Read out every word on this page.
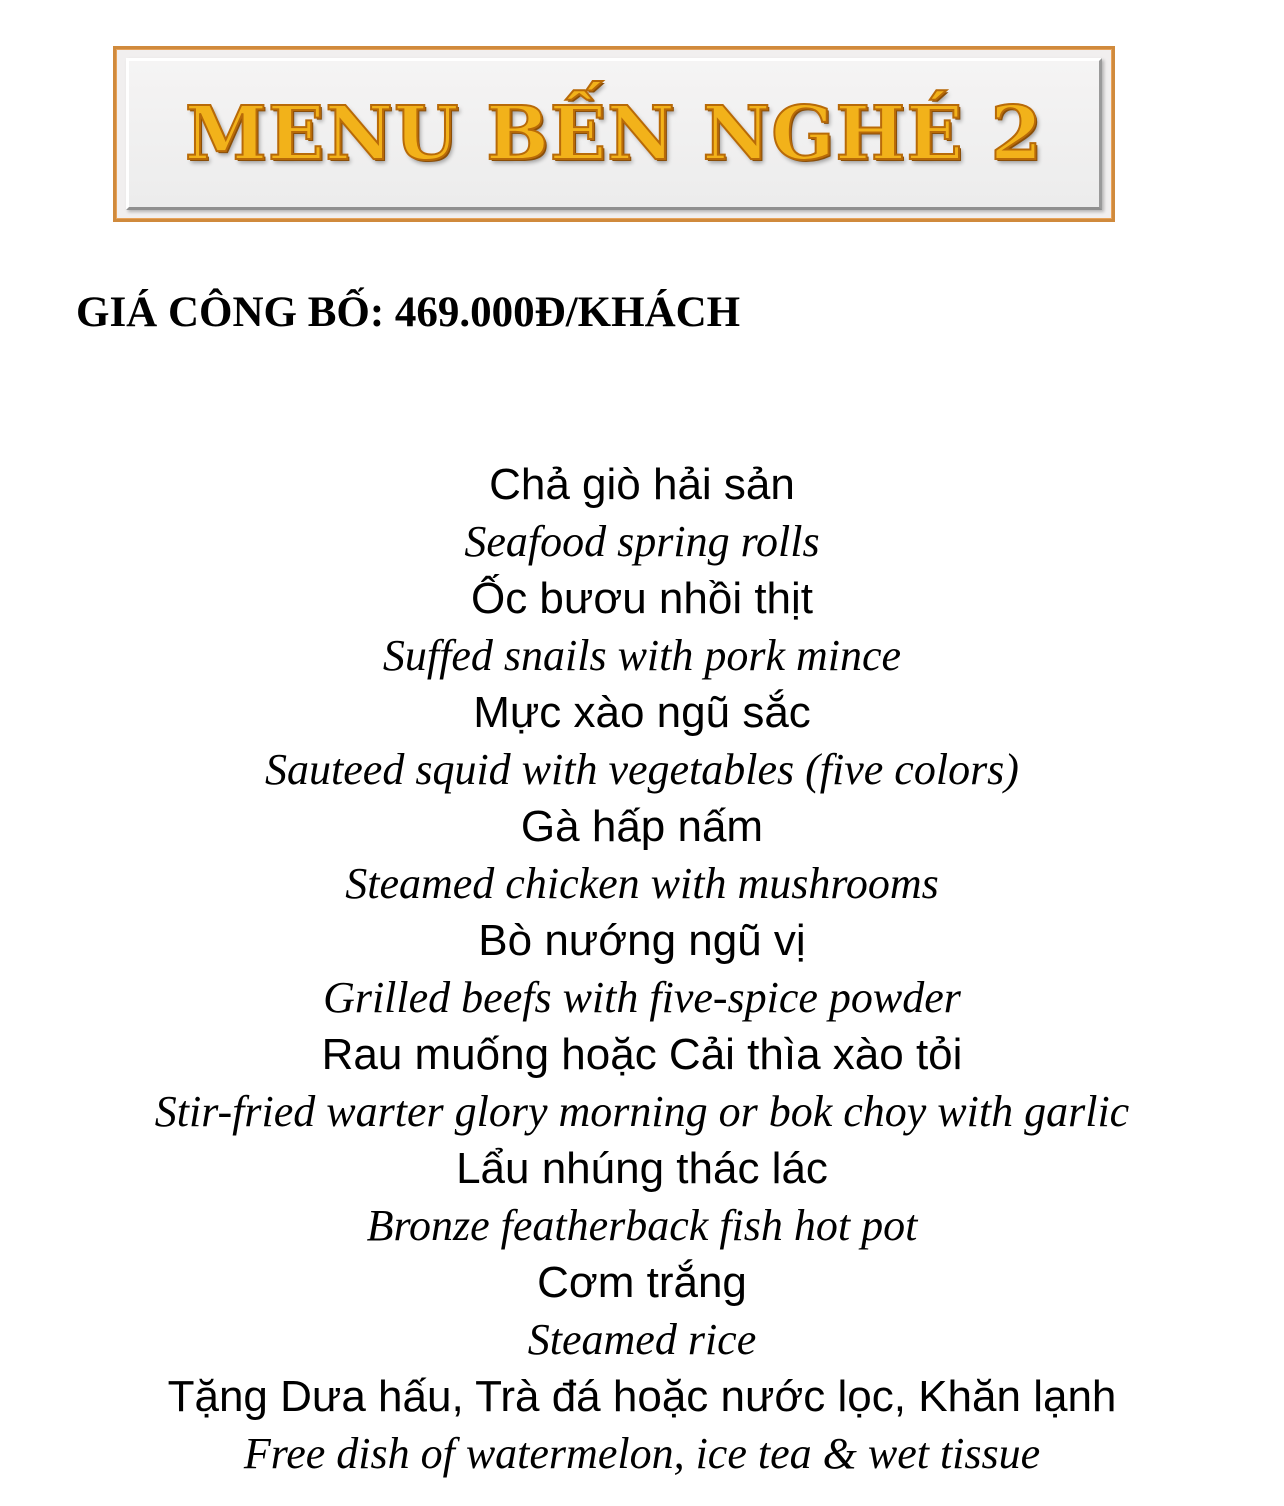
MENU BẾN NGHÉ 2
GIÁ CÔNG BỐ: 469.000Đ/KHÁCH
Chả giò hải sản
Seafood spring rolls
Ốc bươu nhồi thịt
Suffed snails with pork mince
Mực xào ngũ sắc
Sauteed squid with vegetables (five colors)
Gà hấp nấm
Steamed chicken with mushrooms
Bò nướng ngũ vị
Grilled beefs with five-spice powder
Rau muống hoặc Cải thìa xào tỏi
Stir-fried warter glory morning or bok choy with garlic
Lẩu nhúng thác lác
Bronze featherback fish hot pot
Cơm trắng
Steamed rice
Tặng Dưa hấu, Trà đá hoặc nước lọc, Khăn lạnh
Free dish of watermelon, ice tea & wet tissue
